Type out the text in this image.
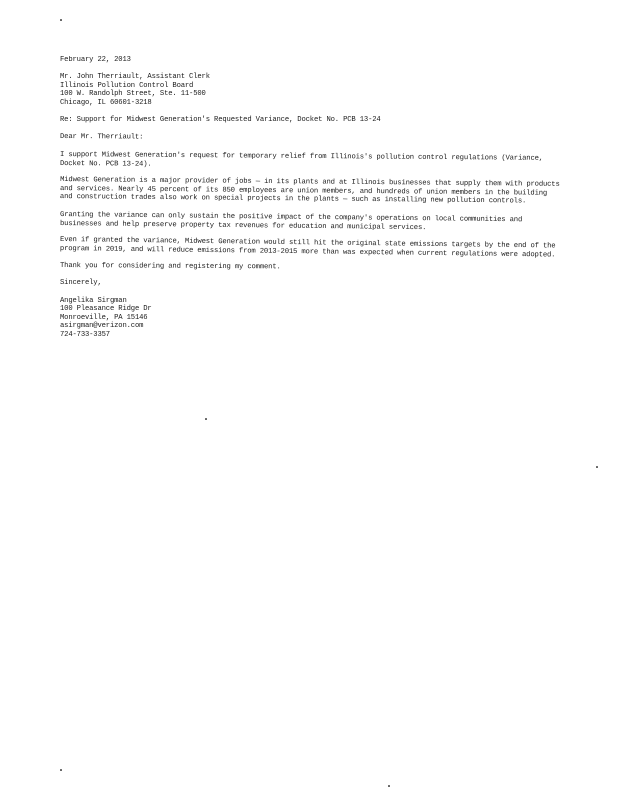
February 22, 2013

Mr. John Therriault, Assistant Clerk
Illinois Pollution Control Board
100 W. Randolph Street, Ste. 11-500
Chicago, IL 60601-3218

Re: Support for Midwest Generation's Requested Variance, Docket No. PCB 13-24

Dear Mr. Therriault:

I support Midwest Generation's request for temporary relief from Illinois's pollution control regulations (Variance, Docket No. PCB 13-24).

Midwest Generation is a major provider of jobs — in its plants and at Illinois businesses that supply them with products and services. Nearly 45 percent of its 850 employees are union members, and hundreds of union members in the building and construction trades also work on special projects in the plants — such as installing new pollution controls.

Granting the variance can only sustain the positive impact of the company's operations on local communities and businesses and help preserve property tax revenues for education and municipal services.

Even if granted the variance, Midwest Generation would still hit the original state emissions targets by the end of the program in 2019, and will reduce emissions from 2013-2015 more than was expected when current regulations were adopted.

Thank you for considering and registering my comment.

Sincerely,

Angelika Sirgman
100 Pleasance Ridge Dr
Monroeville, PA 15146
asirgman@verizon.com
724-733-3357
